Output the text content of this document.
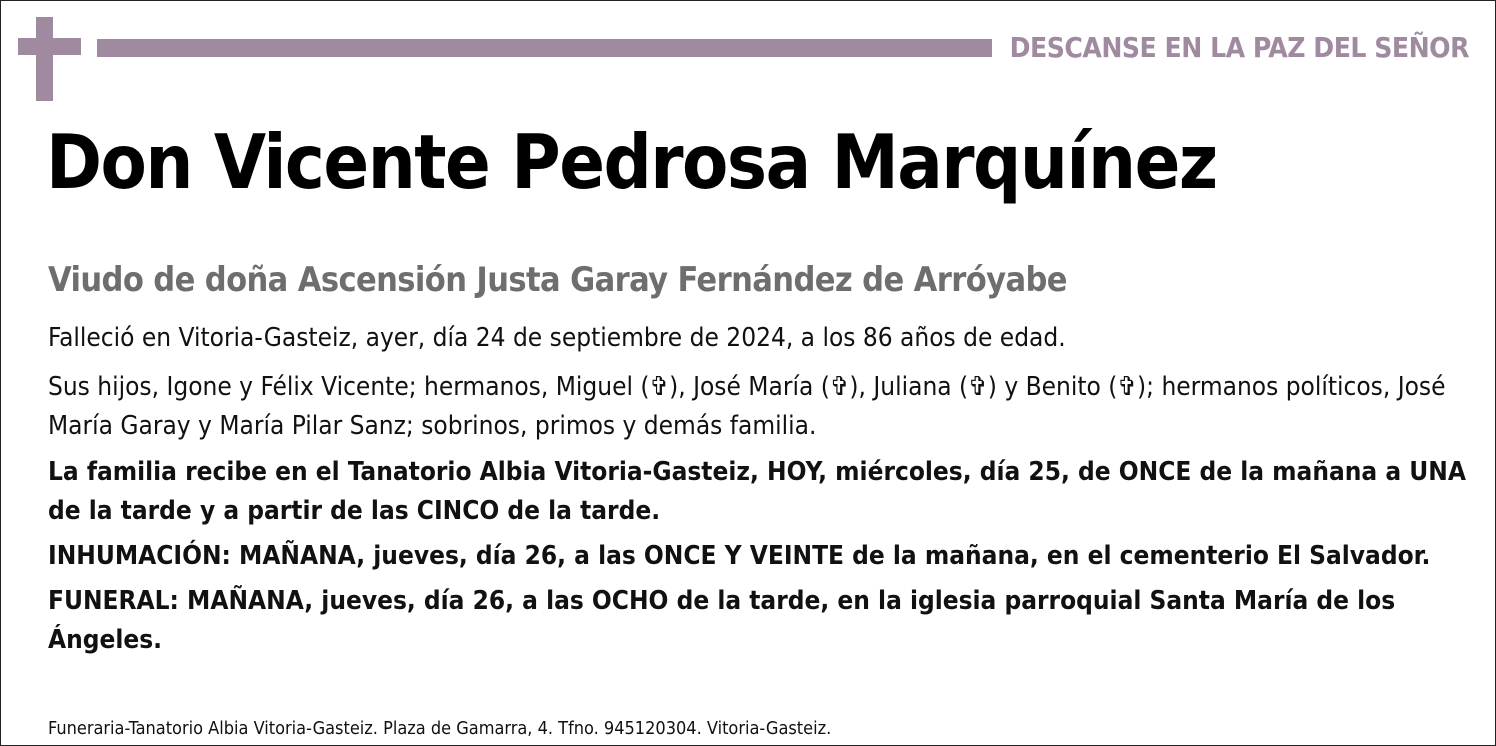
DESCANSE EN LA PAZ DEL SEÑOR
Don Vicente Pedrosa Marquínez
Viudo de doña Ascensión Justa Garay Fernández de Arróyabe

Falleció en Vitoria-Gasteiz, ayer, día 24 de septiembre de 2024, a los 86 años de edad.

Sus hijos, Igone y Félix Vicente; hermanos, Miguel (✞), José María (✞), Juliana (✞) y Benito (✞); hermanos políticos, José María Garay y María Pilar Sanz; sobrinos, primos y demás familia.

La familia recibe en el Tanatorio Albia Vitoria-Gasteiz, HOY, miércoles, día 25, de ONCE de la mañana a UNA de la tarde y a partir de las CINCO de la tarde.

INHUMACIÓN: MAÑANA, jueves, día 26, a las ONCE Y VEINTE de la mañana, en el cementerio El Salvador.

FUNERAL: MAÑANA, jueves, día 26, a las OCHO de la tarde, en la iglesia parroquial Santa María de los Ángeles.

Funeraria-Tanatorio Albia Vitoria-Gasteiz. Plaza de Gamarra, 4. Tfno. 945120304. Vitoria-Gasteiz.
